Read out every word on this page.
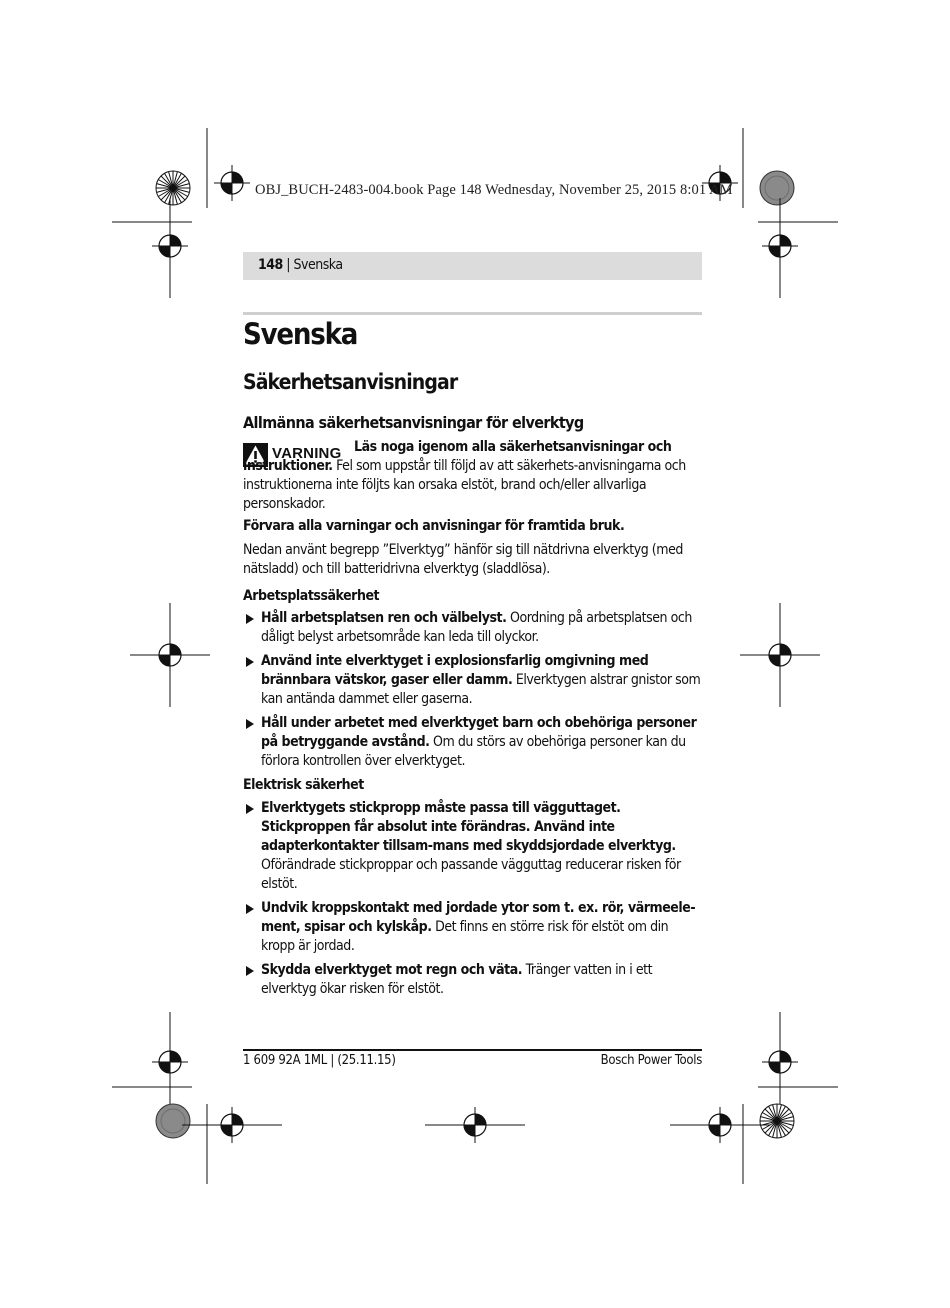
OBJ_BUCH-2483-004.book Page 148 Wednesday, November 25, 2015 8:01 AM
148 | Svenska
Svenska
Säkerhetsanvisningar
Allmänna säkerhetsanvisningar för elverktyg
VARNING Läs noga igenom alla säkerhetsanvisningar och instruktioner. Fel som uppstår till följd av att säkerhets-anvisningarna och instruktionerna inte följts kan orsaka elstöt, brand och/eller allvarliga personskador.
Förvara alla varningar och anvisningar för framtida bruk.
Nedan använt begrepp ”Elverktyg” hänför sig till nätdrivna elverktyg (med nätsladd) och till batteridrivna elverktyg (sladdlösa).
Arbetsplatssäkerhet
Håll arbetsplatsen ren och välbelyst. Oordning på arbetsplatsen och dåligt belyst arbetsområde kan leda till olyckor.
Använd inte elverktyget i explosionsfarlig omgivning med brännbara vätskor, gaser eller damm. Elverktygen alstrar gnistor som kan antända dammet eller gaserna.
Håll under arbetet med elverktyget barn och obehöriga personer på betryggande avstånd. Om du störs av obehöriga personer kan du förlora kontrollen över elverktyget.
Elektrisk säkerhet
Elverktygets stickpropp måste passa till vägguttaget. Stickproppen får absolut inte förändras. Använd inte adapterkontakter tillsam-mans med skyddsjordade elverktyg. Oförändrade stickproppar och passande vägguttag reducerar risken för elstöt.
Undvik kroppskontakt med jordade ytor som t. ex. rör, värmeele-ment, spisar och kylskåp. Det finns en större risk för elstöt om din kropp är jordad.
Skydda elverktyget mot regn och väta. Tränger vatten in i ett elverktyg ökar risken för elstöt.
1 609 92A 1ML | (25.11.15)	Bosch Power Tools
